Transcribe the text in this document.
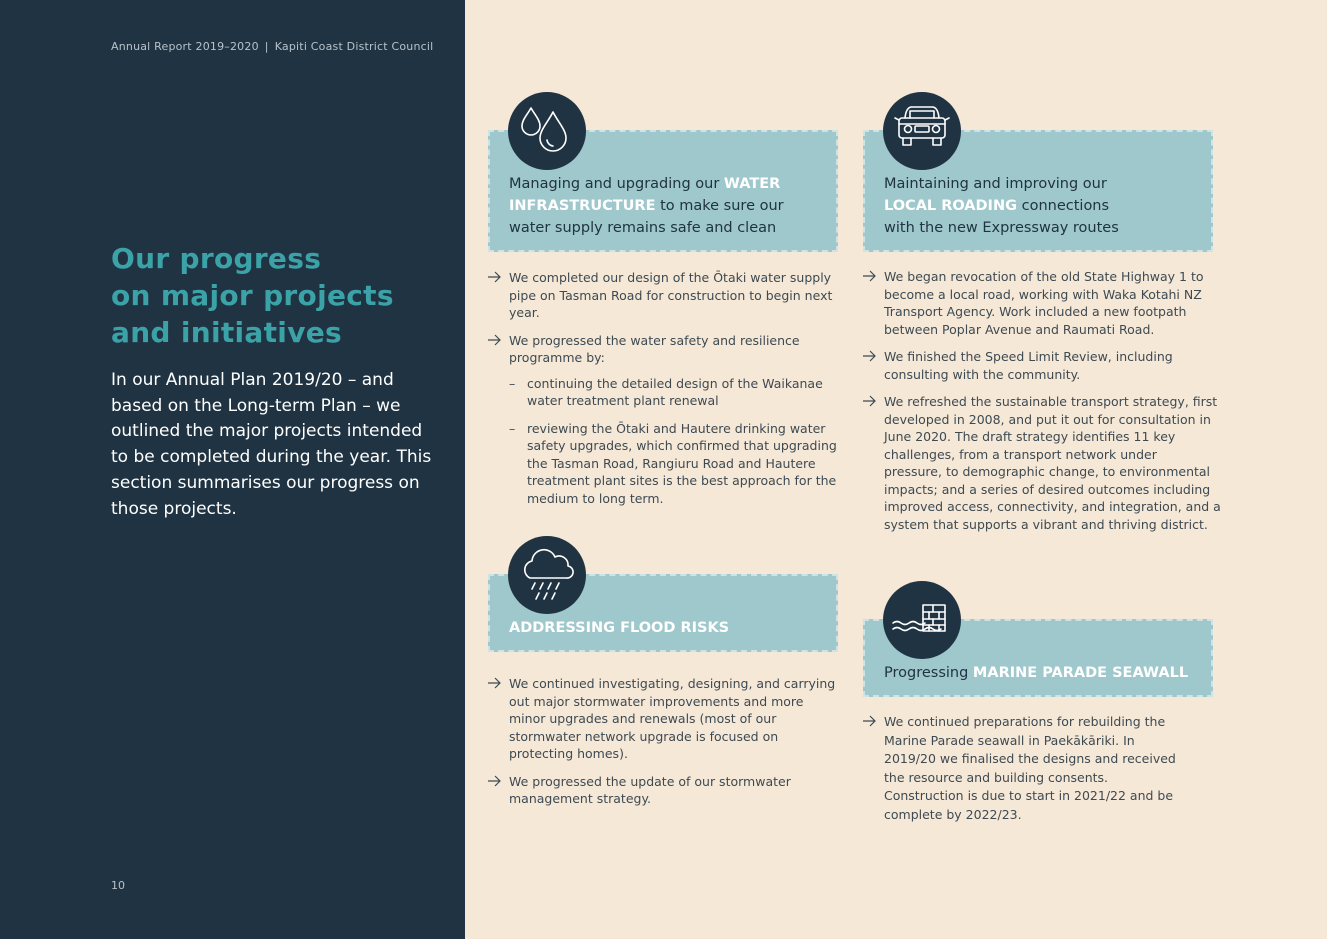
Annual Report 2019–2020 | Kapiti Coast District Council
Our progress
on major projects
and initiatives

In our Annual Plan 2019/20 – and based on the Long-term Plan – we outlined the major projects intended to be completed during the year. This section summarises our progress on those projects.

10
Managing and upgrading our WATER
INFRASTRUCTURE to make sure our
water supply remains safe and clean
We completed our design of the Ōtaki water supply
pipe on Tasman Road for construction to begin next
year.
We progressed the water safety and resilience
programme by:
– continuing the detailed design of the Waikanae
water treatment plant renewal
– reviewing the Ōtaki and Hautere drinking water
safety upgrades, which confirmed that upgrading
the Tasman Road, Rangiuru Road and Hautere
treatment plant sites is the best approach for the
medium to long term.
Maintaining and improving our
LOCAL ROADING connections
with the new Expressway routes
We began revocation of the old State Highway 1 to
become a local road, working with Waka Kotahi NZ
Transport Agency. Work included a new footpath
between Poplar Avenue and Raumati Road.
We finished the Speed Limit Review, including
consulting with the community.
We refreshed the sustainable transport strategy, first
developed in 2008, and put it out for consultation in
June 2020. The draft strategy identifies 11 key
challenges, from a transport network under
pressure, to demographic change, to environmental
impacts; and a series of desired outcomes including
improved access, connectivity, and integration, and a
system that supports a vibrant and thriving district.
ADDRESSING FLOOD RISKS
We continued investigating, designing, and carrying
out major stormwater improvements and more
minor upgrades and renewals (most of our
stormwater network upgrade is focused on
protecting homes).
We progressed the update of our stormwater
management strategy.
Progressing MARINE PARADE SEAWALL
We continued preparations for rebuilding the
Marine Parade seawall in Paekākāriki. In
2019/20 we finalised the designs and received
the resource and building consents.
Construction is due to start in 2021/22 and be
complete by 2022/23.
